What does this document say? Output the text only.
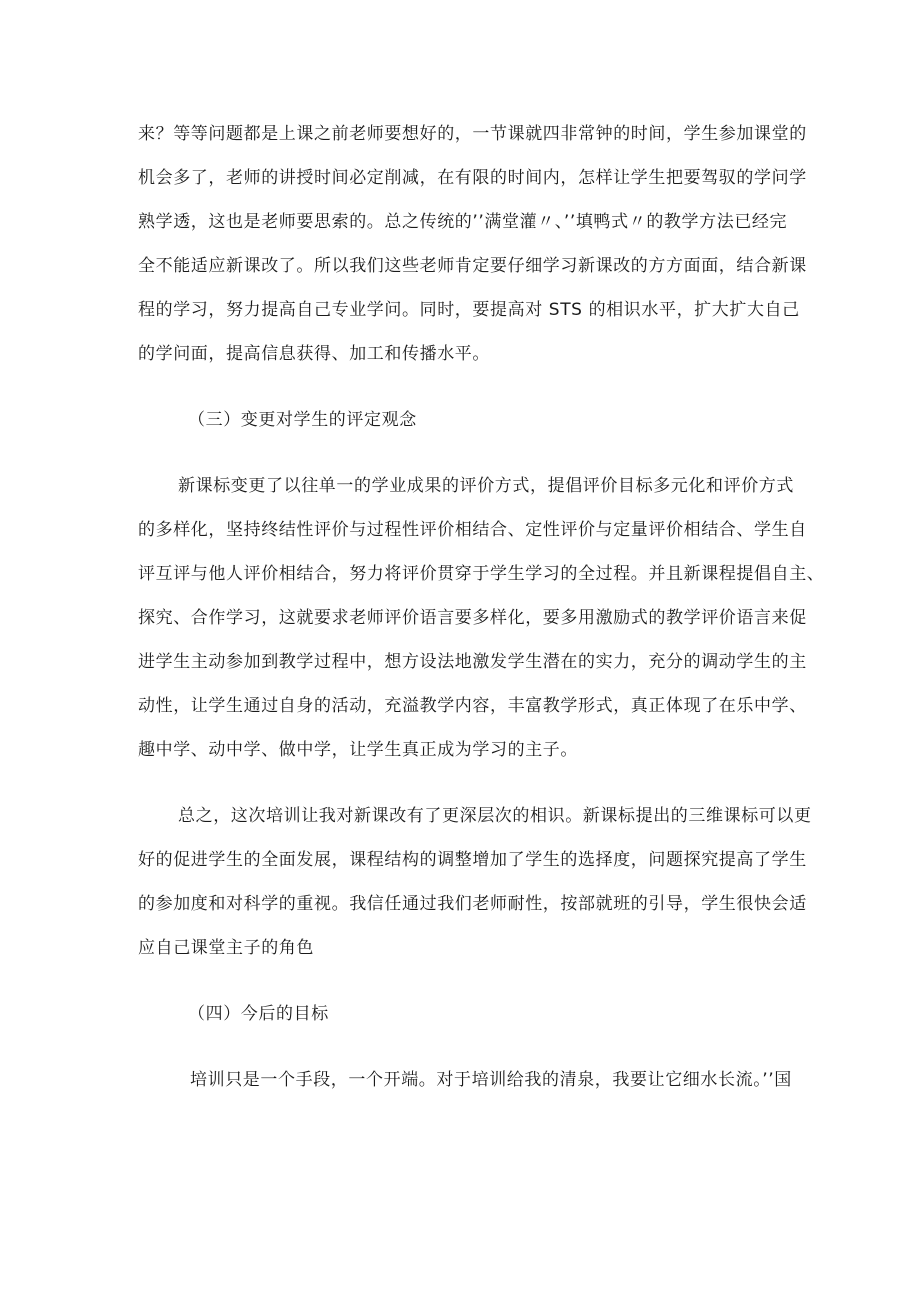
来？等等问题都是上课之前老师要想好的，一节课就四非常钟的时间，学生参加课堂的
机会多了，老师的讲授时间必定削减，在有限的时间内，怎样让学生把要驾驭的学问学
熟学透，这也是老师要思索的。总之传统的’’满堂灌〃、’’填鸭式〃的教学方法已经完
全不能适应新课改了。所以我们这些老师肯定要仔细学习新课改的方方面面，结合新课
程的学习，努力提高自己专业学问。同时，要提高对 STS 的相识水平，扩大扩大自己
的学问面，提高信息获得、加工和传播水平。
（三）变更对学生的评定观念
新课标变更了以往单一的学业成果的评价方式，提倡评价目标多元化和评价方式
的多样化，坚持终结性评价与过程性评价相结合、定性评价与定量评价相结合、学生自
评互评与他人评价相结合，努力将评价贯穿于学生学习的全过程。并且新课程提倡自主、
探究、合作学习，这就要求老师评价语言要多样化，要多用激励式的教学评价语言来促
进学生主动参加到教学过程中，想方设法地激发学生潜在的实力，充分的调动学生的主
动性，让学生通过自身的活动，充溢教学内容，丰富教学形式，真正体现了在乐中学、
趣中学、动中学、做中学，让学生真正成为学习的主子。
总之，这次培训让我对新课改有了更深层次的相识。新课标提出的三维课标可以更
好的促进学生的全面发展，课程结构的调整增加了学生的选择度，问题探究提高了学生
的参加度和对科学的重视。我信任通过我们老师耐性，按部就班的引导，学生很快会适
应自己课堂主子的角色
（四）今后的目标
培训只是一个手段，一个开端。对于培训给我的清泉，我要让它细水长流。’’国
